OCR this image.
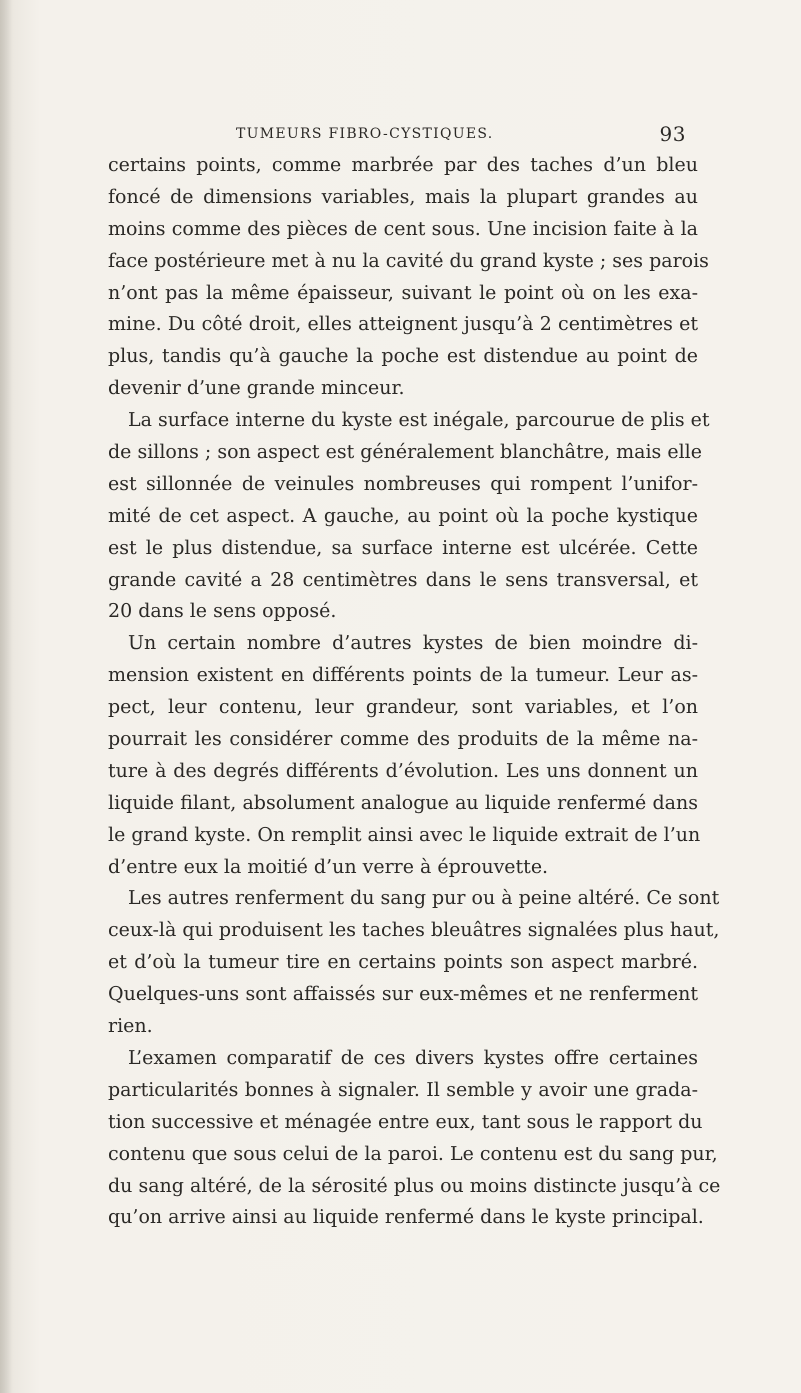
TUMEURS FIBRO-CYSTIQUES.	93
certains points, comme marbrée par des taches d’un bleu
foncé de dimensions variables, mais la plupart grandes au
moins comme des pièces de cent sous. Une incision faite à la
face postérieure met à nu la cavité du grand kyste ; ses parois
n’ont pas la même épaisseur, suivant le point où on les exa-
mine. Du côté droit, elles atteignent jusqu’à 2 centimètres et
plus, tandis qu’à gauche la poche est distendue au point de
devenir d’une grande minceur.
La surface interne du kyste est inégale, parcourue de plis et
de sillons ; son aspect est généralement blanchâtre, mais elle
est sillonnée de veinules nombreuses qui rompent l’unifor-
mité de cet aspect. A gauche, au point où la poche kystique
est le plus distendue, sa surface interne est ulcérée. Cette
grande cavité a 28 centimètres dans le sens transversal, et
20 dans le sens opposé.
Un certain nombre d’autres kystes de bien moindre di-
mension existent en différents points de la tumeur. Leur as-
pect, leur contenu, leur grandeur, sont variables, et l’on
pourrait les considérer comme des produits de la même na-
ture à des degrés différents d’évolution. Les uns donnent un
liquide filant, absolument analogue au liquide renfermé dans
le grand kyste. On remplit ainsi avec le liquide extrait de l’un
d’entre eux la moitié d’un verre à éprouvette.
Les autres renferment du sang pur ou à peine altéré. Ce sont
ceux-là qui produisent les taches bleuâtres signalées plus haut,
et d’où la tumeur tire en certains points son aspect marbré.
Quelques-uns sont affaissés sur eux-mêmes et ne renferment
rien.
L’examen comparatif de ces divers kystes offre certaines
particularités bonnes à signaler. Il semble y avoir une grada-
tion successive et ménagée entre eux, tant sous le rapport du
contenu que sous celui de la paroi. Le contenu est du sang pur,
du sang altéré, de la sérosité plus ou moins distincte jusqu’à ce
qu’on arrive ainsi au liquide renfermé dans le kyste principal.
